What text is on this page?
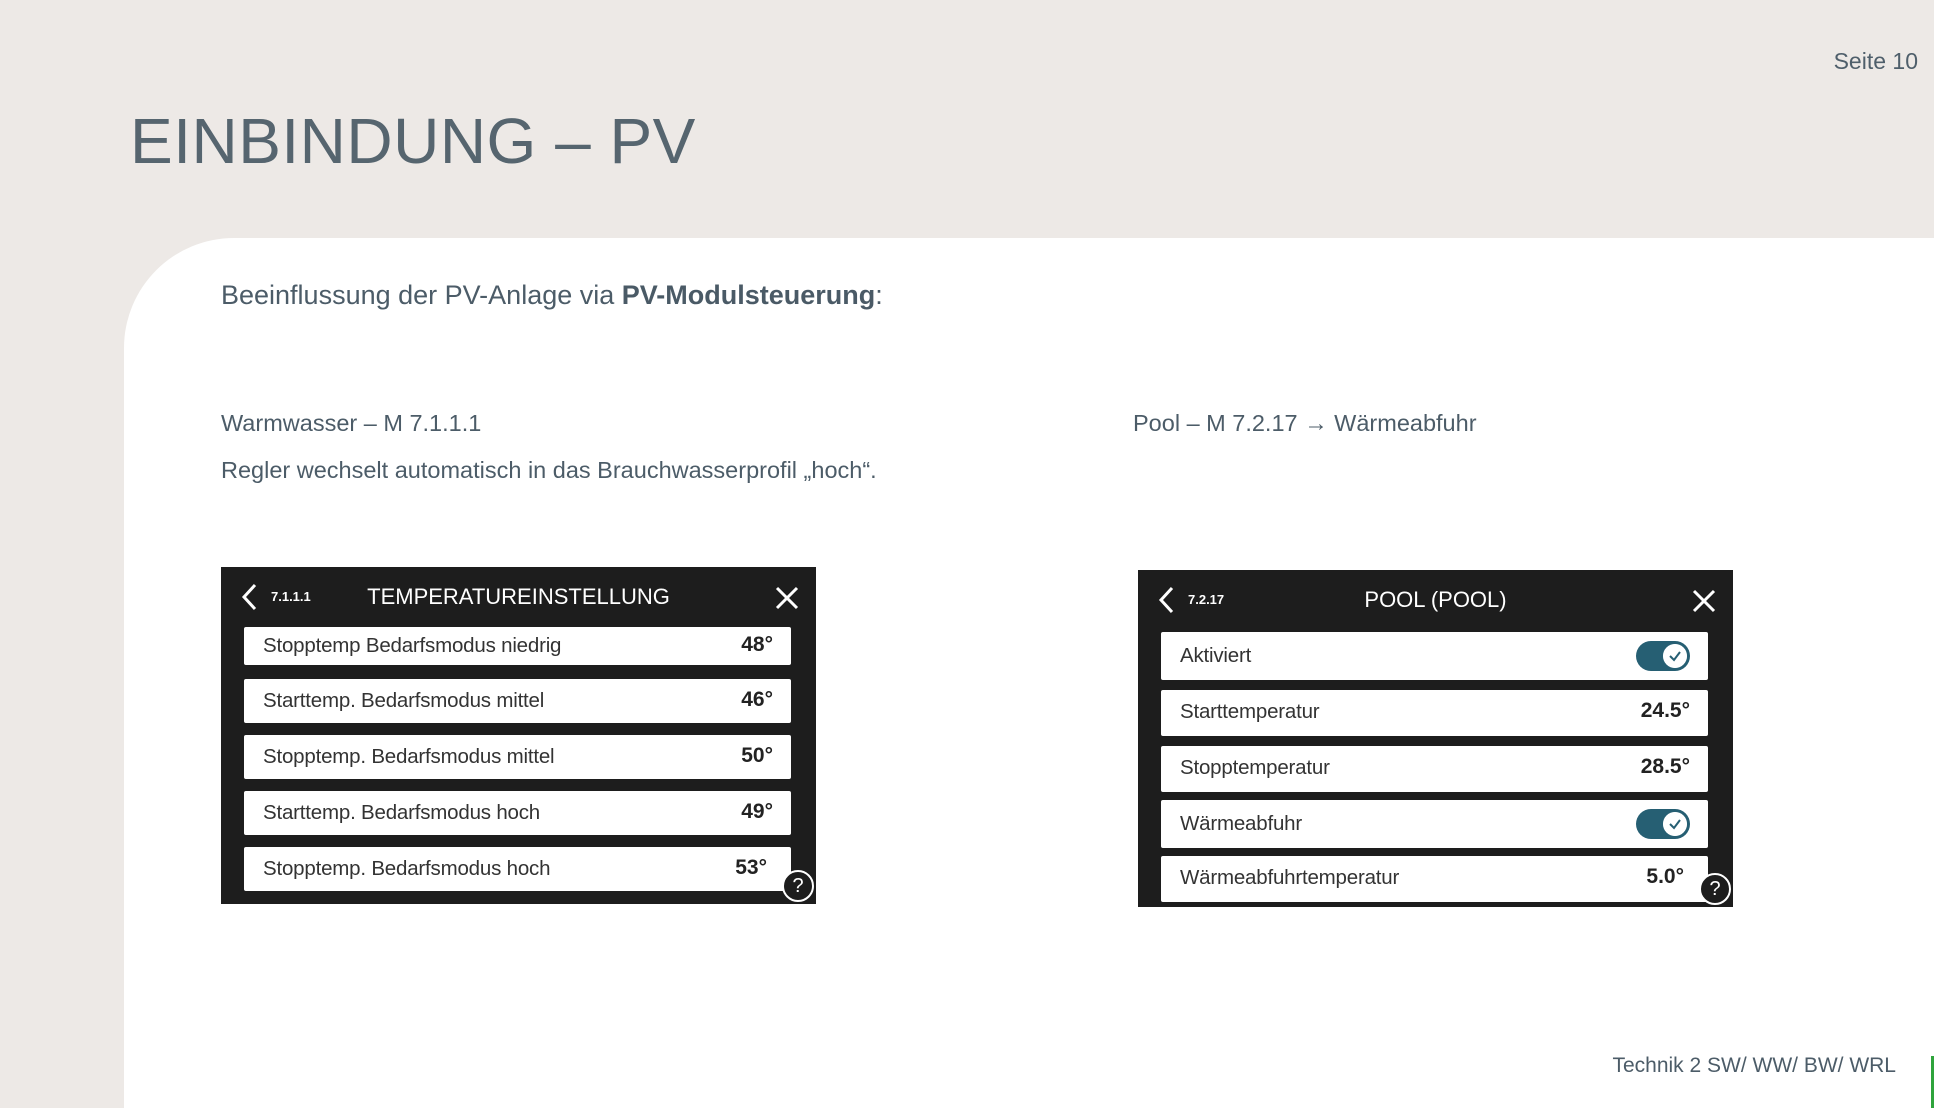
Seite 10
EINBINDUNG – PV
Beeinflussung der PV-Anlage via PV-Modulsteuerung:
Warmwasser – M 7.1.1.1
Regler wechselt automatisch in das Brauchwasserprofil „hoch“.
Pool – M 7.2.17 → Wärmeabfuhr
7.1.1.1	TEMPERATUREINSTELLUNG
Stopptemp Bedarfsmodus niedrig	48°
Starttemp. Bedarfsmodus mittel	46°
Stopptemp. Bedarfsmodus mittel	50°
Starttemp. Bedarfsmodus hoch	49°
Stopptemp. Bedarfsmodus hoch	53°
?
7.2.17	POOL (POOL)
Aktiviert
Starttemperatur	24.5°
Stopptemperatur	28.5°
Wärmeabfuhr
Wärmeabfuhrtemperatur	5.0°
?
Technik 2 SW/ WW/ BW/ WRL
